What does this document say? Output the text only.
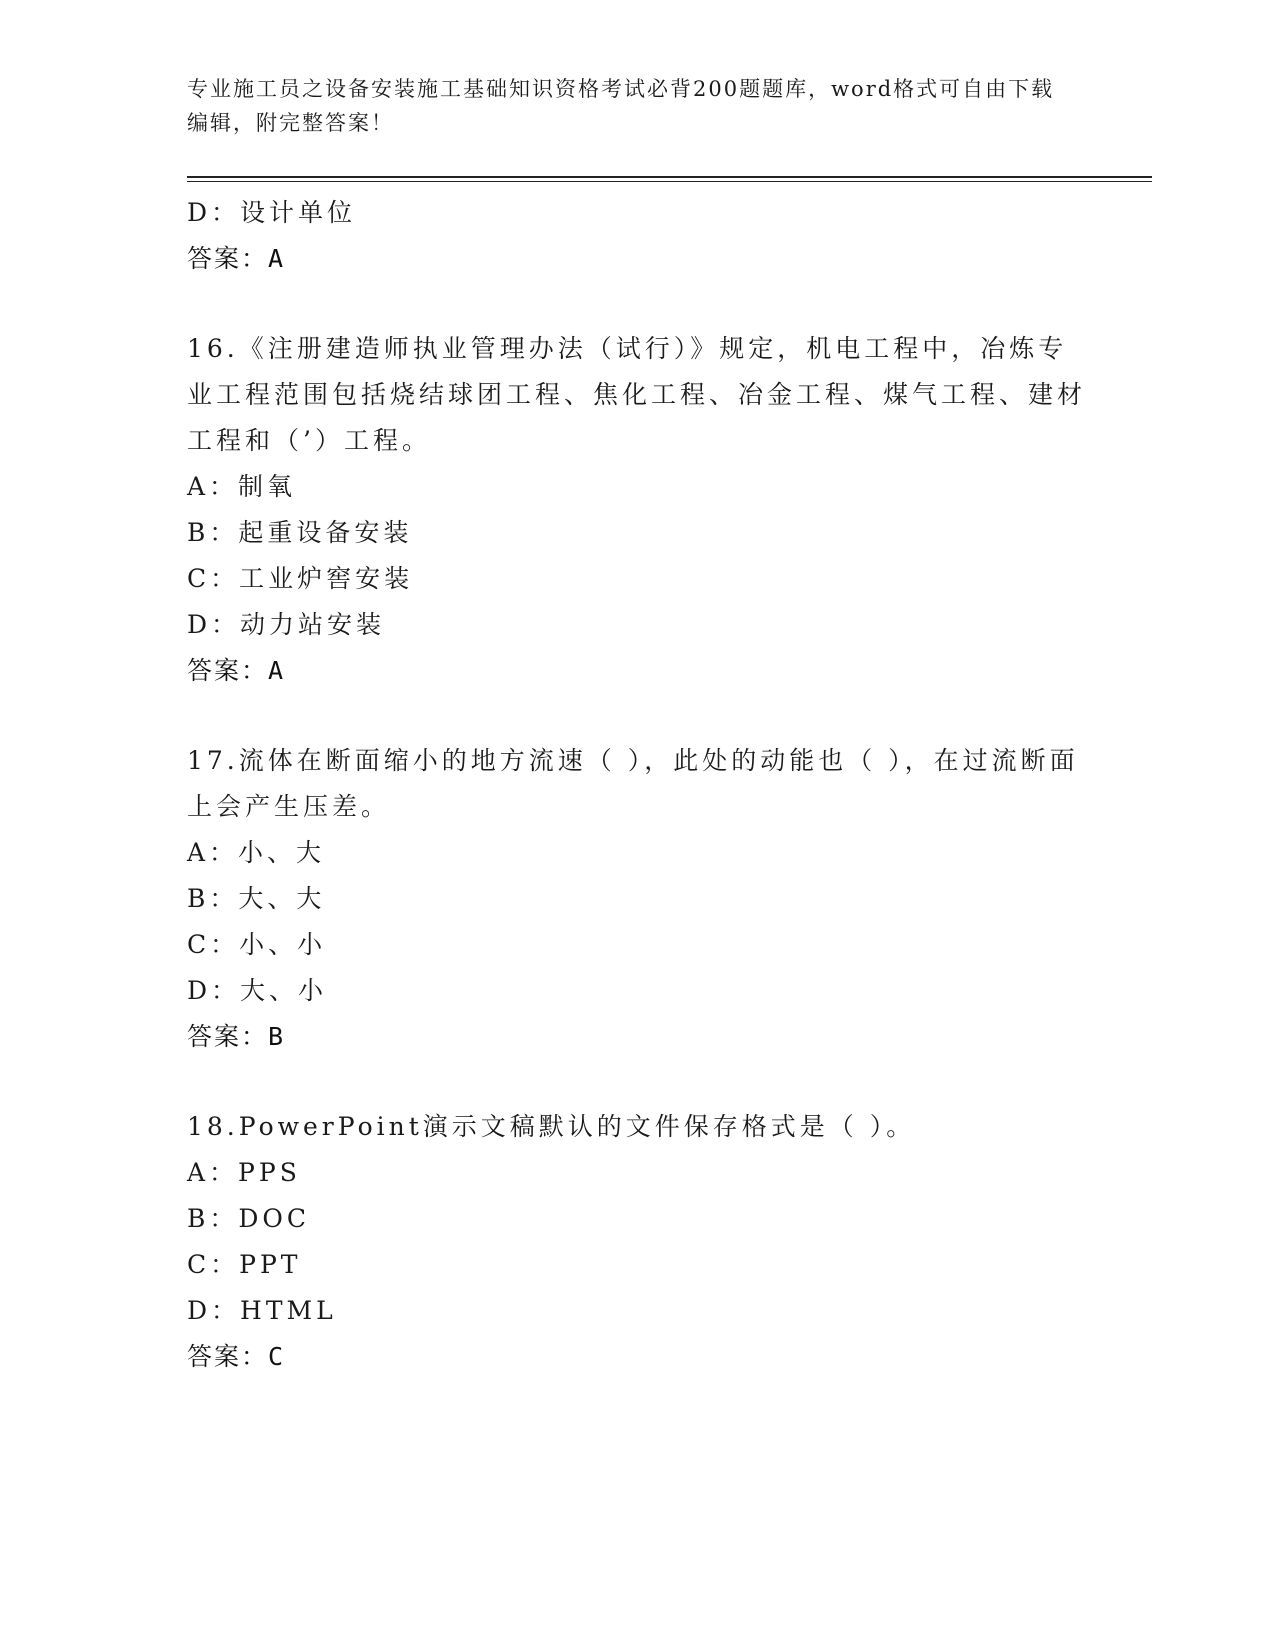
专业施工员之设备安装施工基础知识资格考试必背200题题库，word格式可自由下载编辑，附完整答案！
D：设计单位
答案：A
16.《注册建造师执业管理办法（试行）》规定，机电工程中，冶炼专业工程范围包括烧结球团工程、焦化工程、冶金工程、煤气工程、建材工程和（’）工程。
A：制氧
B：起重设备安装
C：工业炉窖安装
D：动力站安装
答案：A
17.流体在断面缩小的地方流速（ ），此处的动能也（ ），在过流断面上会产生压差。
A：小、大
B：大、大
C：小、小
D：大、小
答案：B
18.PowerPoint演示文稿默认的文件保存格式是（ ）。
A：PPS
B：DOC
C：PPT
D：HTML
答案：C
